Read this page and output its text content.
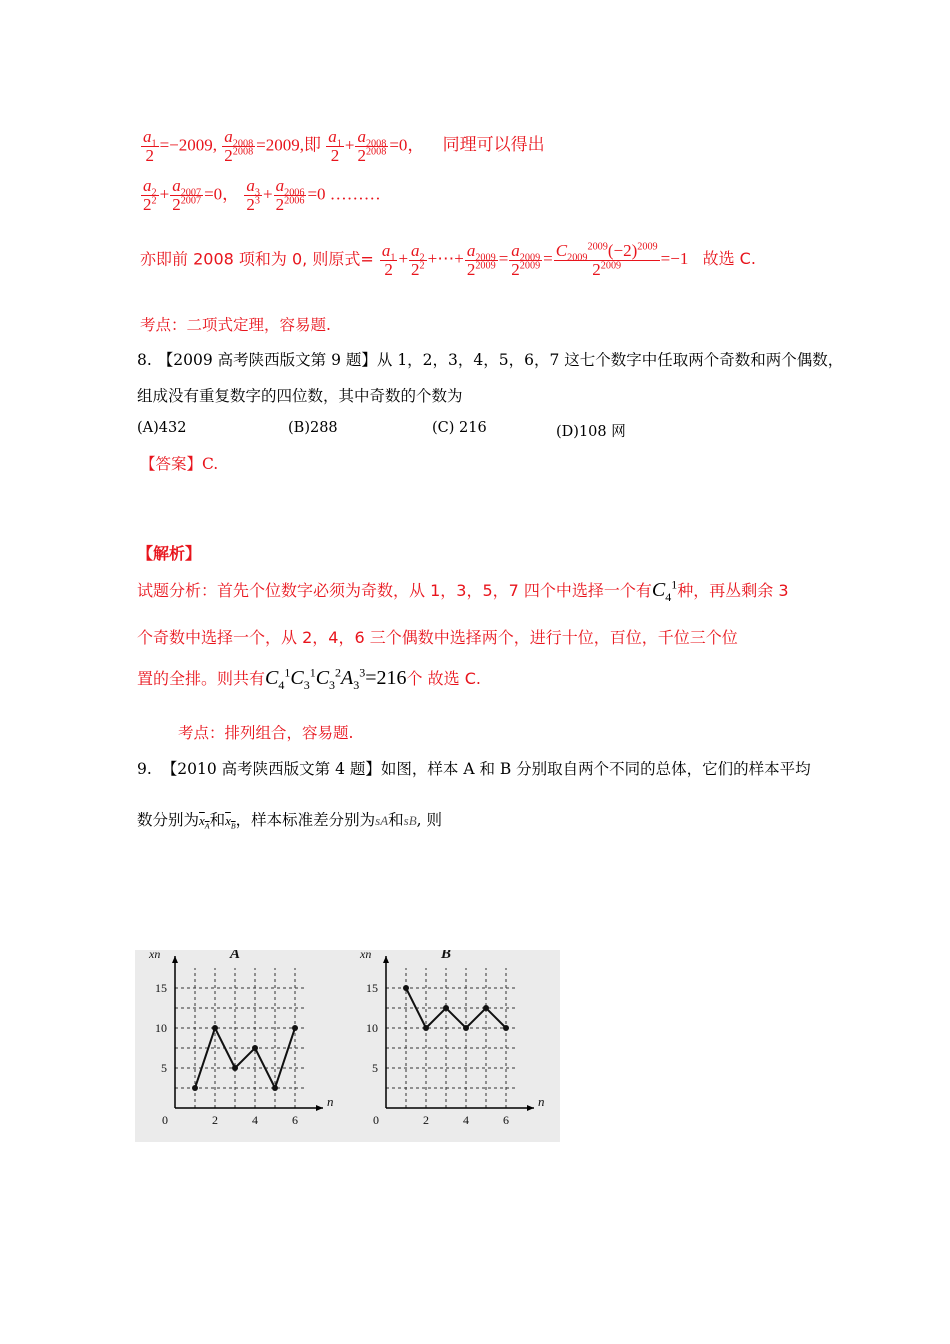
$\frac{a_1}{2} =-2009$, $\frac{a_{2008}}{2^{2008}} =2009$,即 $\frac{a_1}{2} + \frac{a_{2008}}{2^{2008}} =0$， 同理可以得出
$\frac{a_2}{2^2} + \frac{a_{2007}}{2^{2007}} =0$， $\frac{a_3}{2^3} + \frac{a_{2006}}{2^{2006}} =0$ ………
亦即前 2008 项和为 0, 则原式= $\frac{a_1}{2} + \frac{a_2}{2^2}$ +⋯+ $\frac{a_{2009}}{2^{2009}} = \frac{a_{2009}}{2^{2009}} = \frac{C_{2009}^{2009}(-2)^{2009}}{2^{2009}} =-1$ 故选 C.
考点：二项式定理，容易题.
8. 【2009 高考陕西版文第 9 题】从 1，2，3，4，5，6，7 这七个数字中任取两个奇数和两个偶数，
组成没有重复数字的四位数，其中奇数的个数为
(A)432	(B)288	(C) 216	(D)108 网
【答案】C.
【解析】
试题分析：首先个位数字必须为奇数，从 1，3，5，7 四个中选择一个有$C_4^1$种，再丛剩余 3
个奇数中选择一个，从 2，4，6 三个偶数中选择两个，进行十位，百位，千位三个位
置的全排。则共有$C_4^1C_3^1C_3^2A_3^3=216$个 故选 C.
考点：排列组合，容易题.
9. 【2010 高考陕西版文第 4 题】如图，样本 A 和 B 分别取自两个不同的总体，它们的样本平均
数分别为$x_A$和$x_B$，样本标准差分别为sA和sB, 则
0	2	4	6
5
10
15
n
xn	A
0	2	4	6
5
10
15
n
xn	B
